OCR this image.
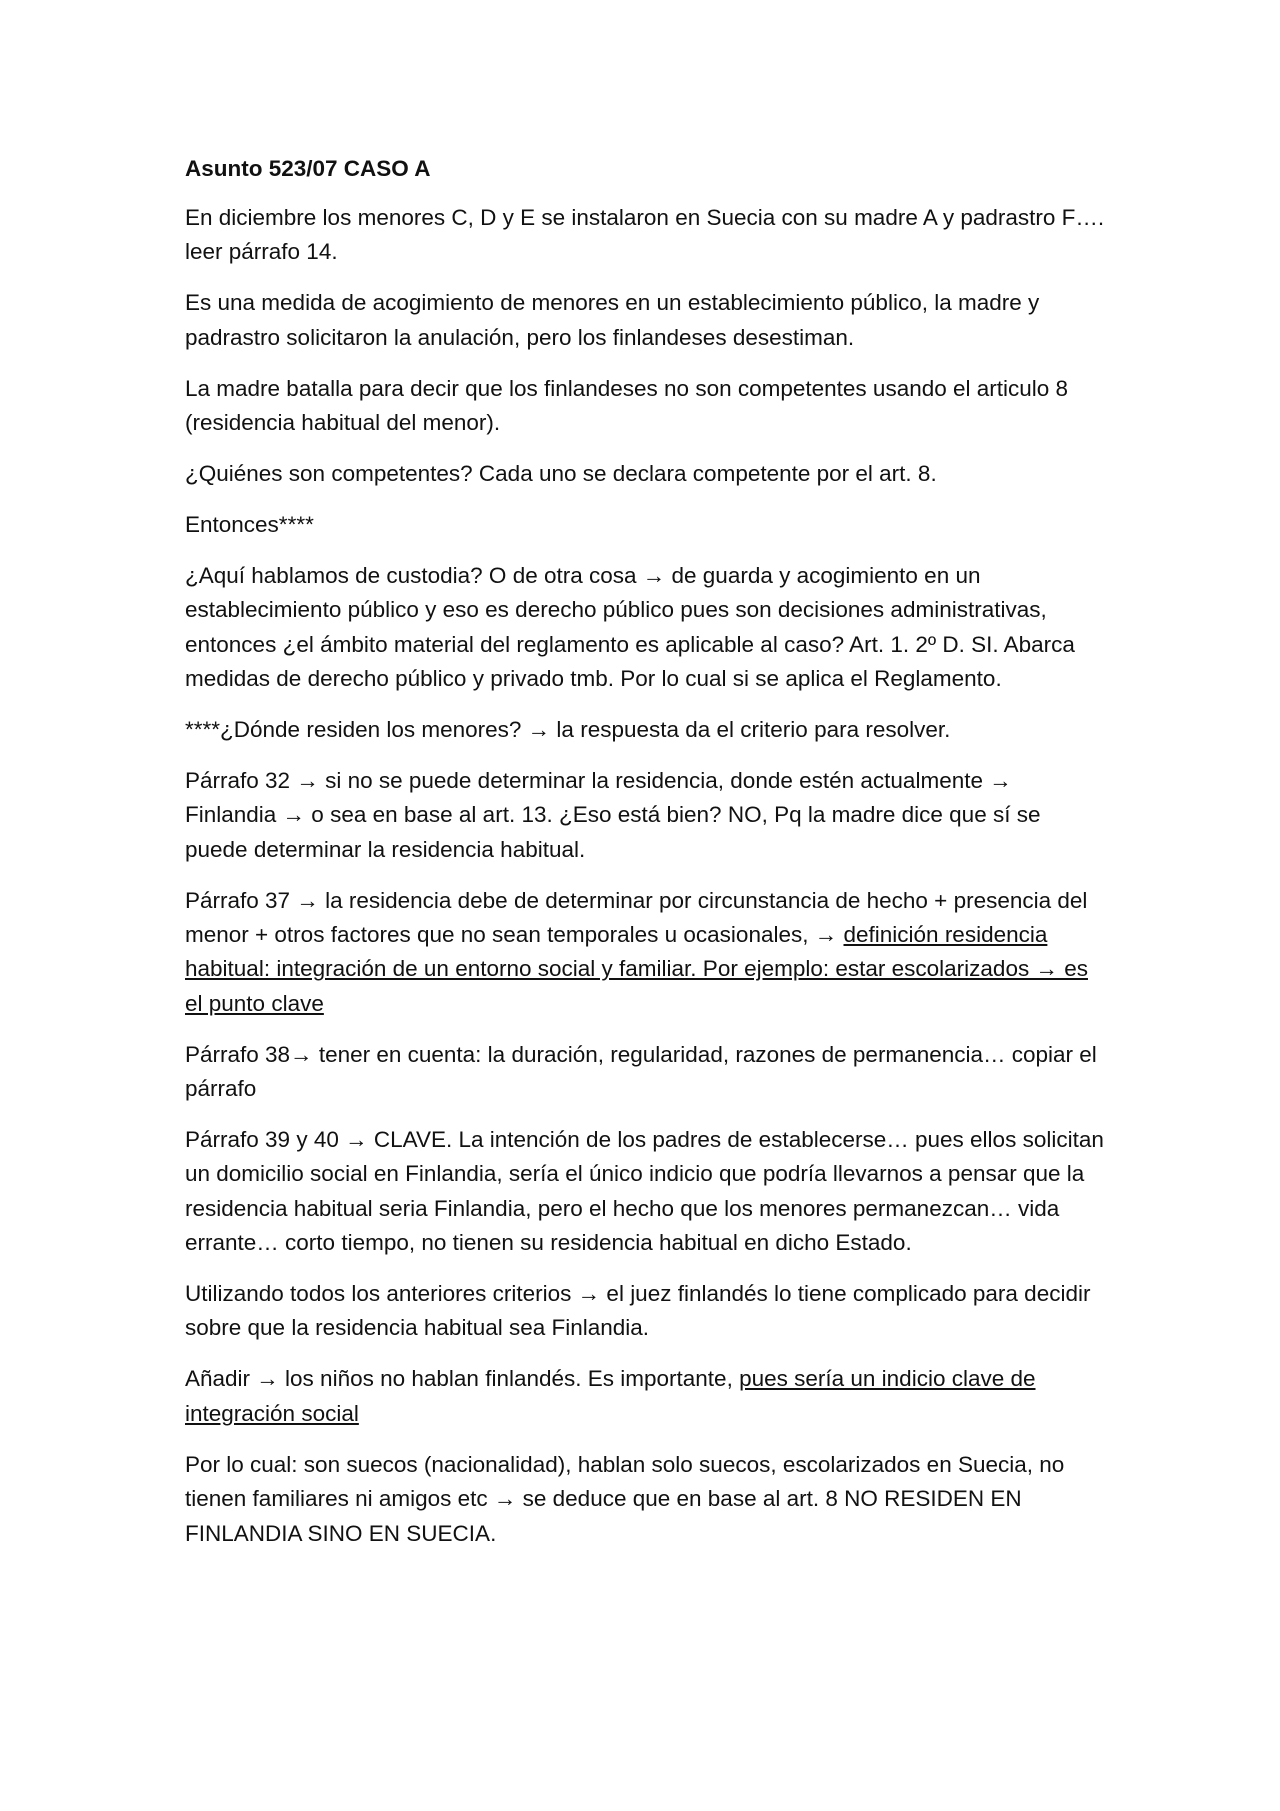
Asunto 523/07 CASO A

En diciembre los menores C, D y E se instalaron en Suecia con su madre A y padrastro F…. leer párrafo 14.

Es una medida de acogimiento de menores en un establecimiento público, la madre y padrastro solicitaron la anulación, pero los finlandeses desestiman.

La madre batalla para decir que los finlandeses no son competentes usando el articulo 8 (residencia habitual del menor).

¿Quiénes son competentes? Cada uno se declara competente por el art. 8.

Entonces****

¿Aquí hablamos de custodia? O de otra cosa → de guarda y acogimiento en un establecimiento público y eso es derecho público pues son decisiones administrativas, entonces ¿el ámbito material del reglamento es aplicable al caso? Art. 1. 2º D. SI. Abarca medidas de derecho público y privado tmb. Por lo cual si se aplica el Reglamento.

****¿Dónde residen los menores? → la respuesta da el criterio para resolver.

Párrafo 32 → si no se puede determinar la residencia, donde estén actualmente → Finlandia → o sea en base al art. 13. ¿Eso está bien? NO, Pq la madre dice que sí se puede determinar la residencia habitual.

Párrafo 37 → la residencia debe de determinar por circunstancia de hecho + presencia del menor + otros factores que no sean temporales u ocasionales, → definición residencia habitual: integración de un entorno social y familiar. Por ejemplo: estar escolarizados → es el punto clave

Párrafo 38→ tener en cuenta: la duración, regularidad, razones de permanencia… copiar el párrafo

Párrafo 39 y 40 → CLAVE. La intención de los padres de establecerse… pues ellos solicitan un domicilio social en Finlandia, sería el único indicio que podría llevarnos a pensar que la residencia habitual seria Finlandia, pero el hecho que los menores permanezcan… vida errante… corto tiempo, no tienen su residencia habitual en dicho Estado.

Utilizando todos los anteriores criterios → el juez finlandés lo tiene complicado para decidir sobre que la residencia habitual sea Finlandia.

Añadir → los niños no hablan finlandés. Es importante, pues sería un indicio clave de integración social

Por lo cual: son suecos (nacionalidad), hablan solo suecos, escolarizados en Suecia, no tienen familiares ni amigos etc → se deduce que en base al art. 8 NO RESIDEN EN FINLANDIA SINO EN SUECIA.
